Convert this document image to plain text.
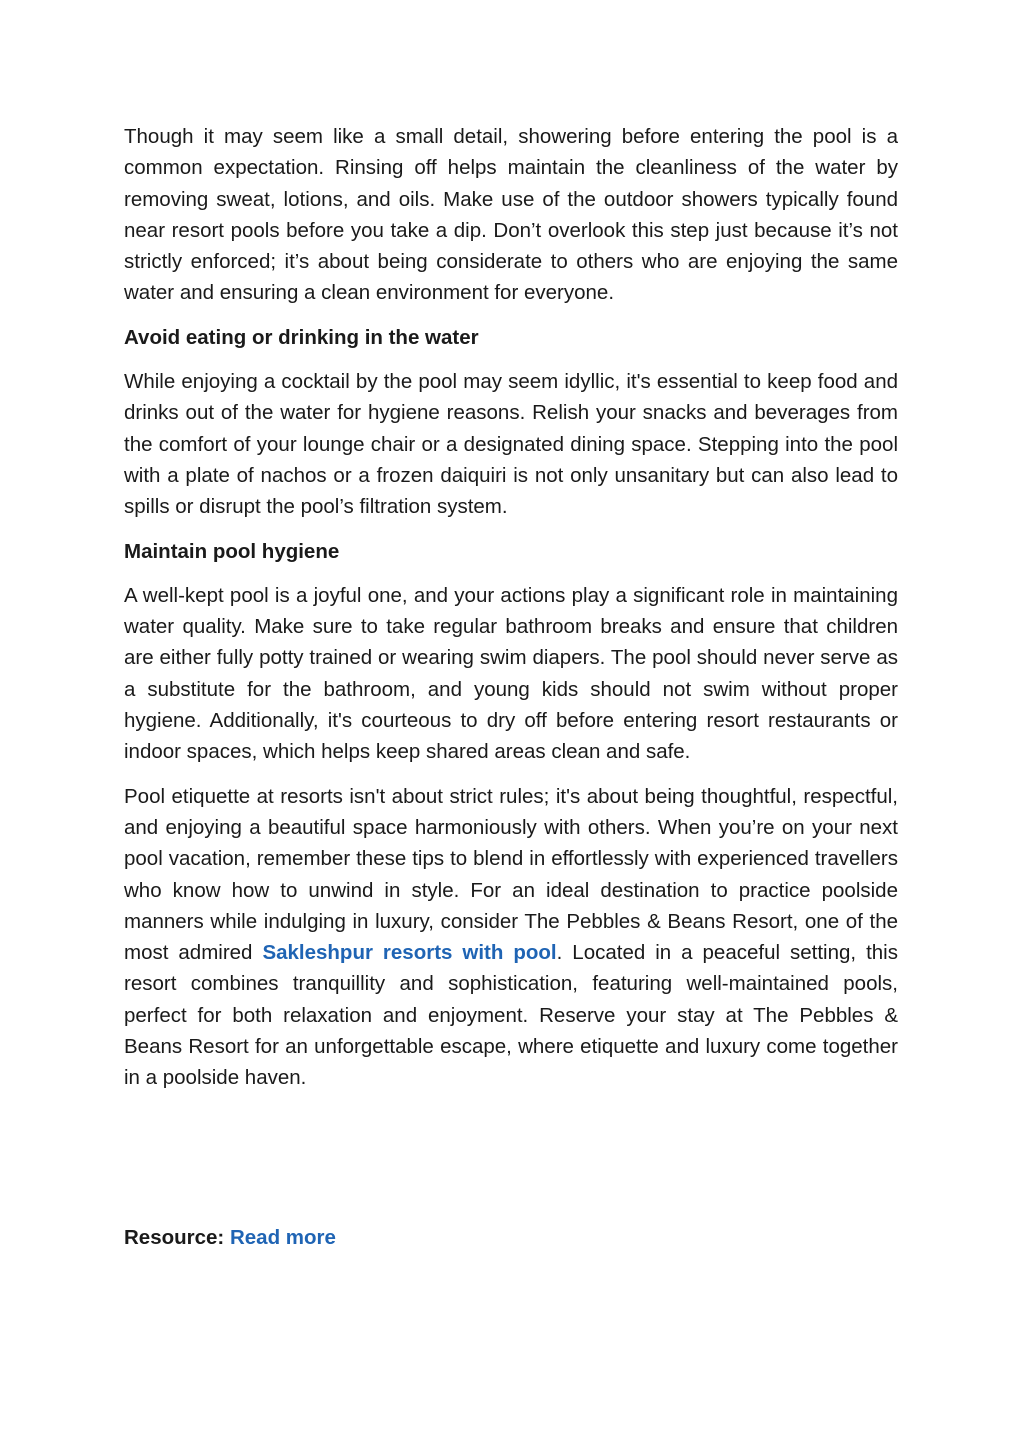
Though it may seem like a small detail, showering before entering the pool is a common expectation. Rinsing off helps maintain the cleanliness of the water by removing sweat, lotions, and oils. Make use of the outdoor showers typically found near resort pools before you take a dip. Don’t overlook this step just because it’s not strictly enforced; it’s about being considerate to others who are enjoying the same water and ensuring a clean environment for everyone.

Avoid eating or drinking in the water

While enjoying a cocktail by the pool may seem idyllic, it's essential to keep food and drinks out of the water for hygiene reasons. Relish your snacks and beverages from the comfort of your lounge chair or a designated dining space. Stepping into the pool with a plate of nachos or a frozen daiquiri is not only unsanitary but can also lead to spills or disrupt the pool’s filtration system.

Maintain pool hygiene

A well-kept pool is a joyful one, and your actions play a significant role in maintaining water quality. Make sure to take regular bathroom breaks and ensure that children are either fully potty trained or wearing swim diapers. The pool should never serve as a substitute for the bathroom, and young kids should not swim without proper hygiene. Additionally, it's courteous to dry off before entering resort restaurants or indoor spaces, which helps keep shared areas clean and safe.

Pool etiquette at resorts isn't about strict rules; it's about being thoughtful, respectful, and enjoying a beautiful space harmoniously with others. When you’re on your next pool vacation, remember these tips to blend in effortlessly with experienced travellers who know how to unwind in style. For an ideal destination to practice poolside manners while indulging in luxury, consider The Pebbles & Beans Resort, one of the most admired Sakleshpur resorts with pool. Located in a peaceful setting, this resort combines tranquillity and sophistication, featuring well-maintained pools, perfect for both relaxation and enjoyment. Reserve your stay at The Pebbles & Beans Resort for an unforgettable escape, where etiquette and luxury come together in a poolside haven.

Resource: Read more
